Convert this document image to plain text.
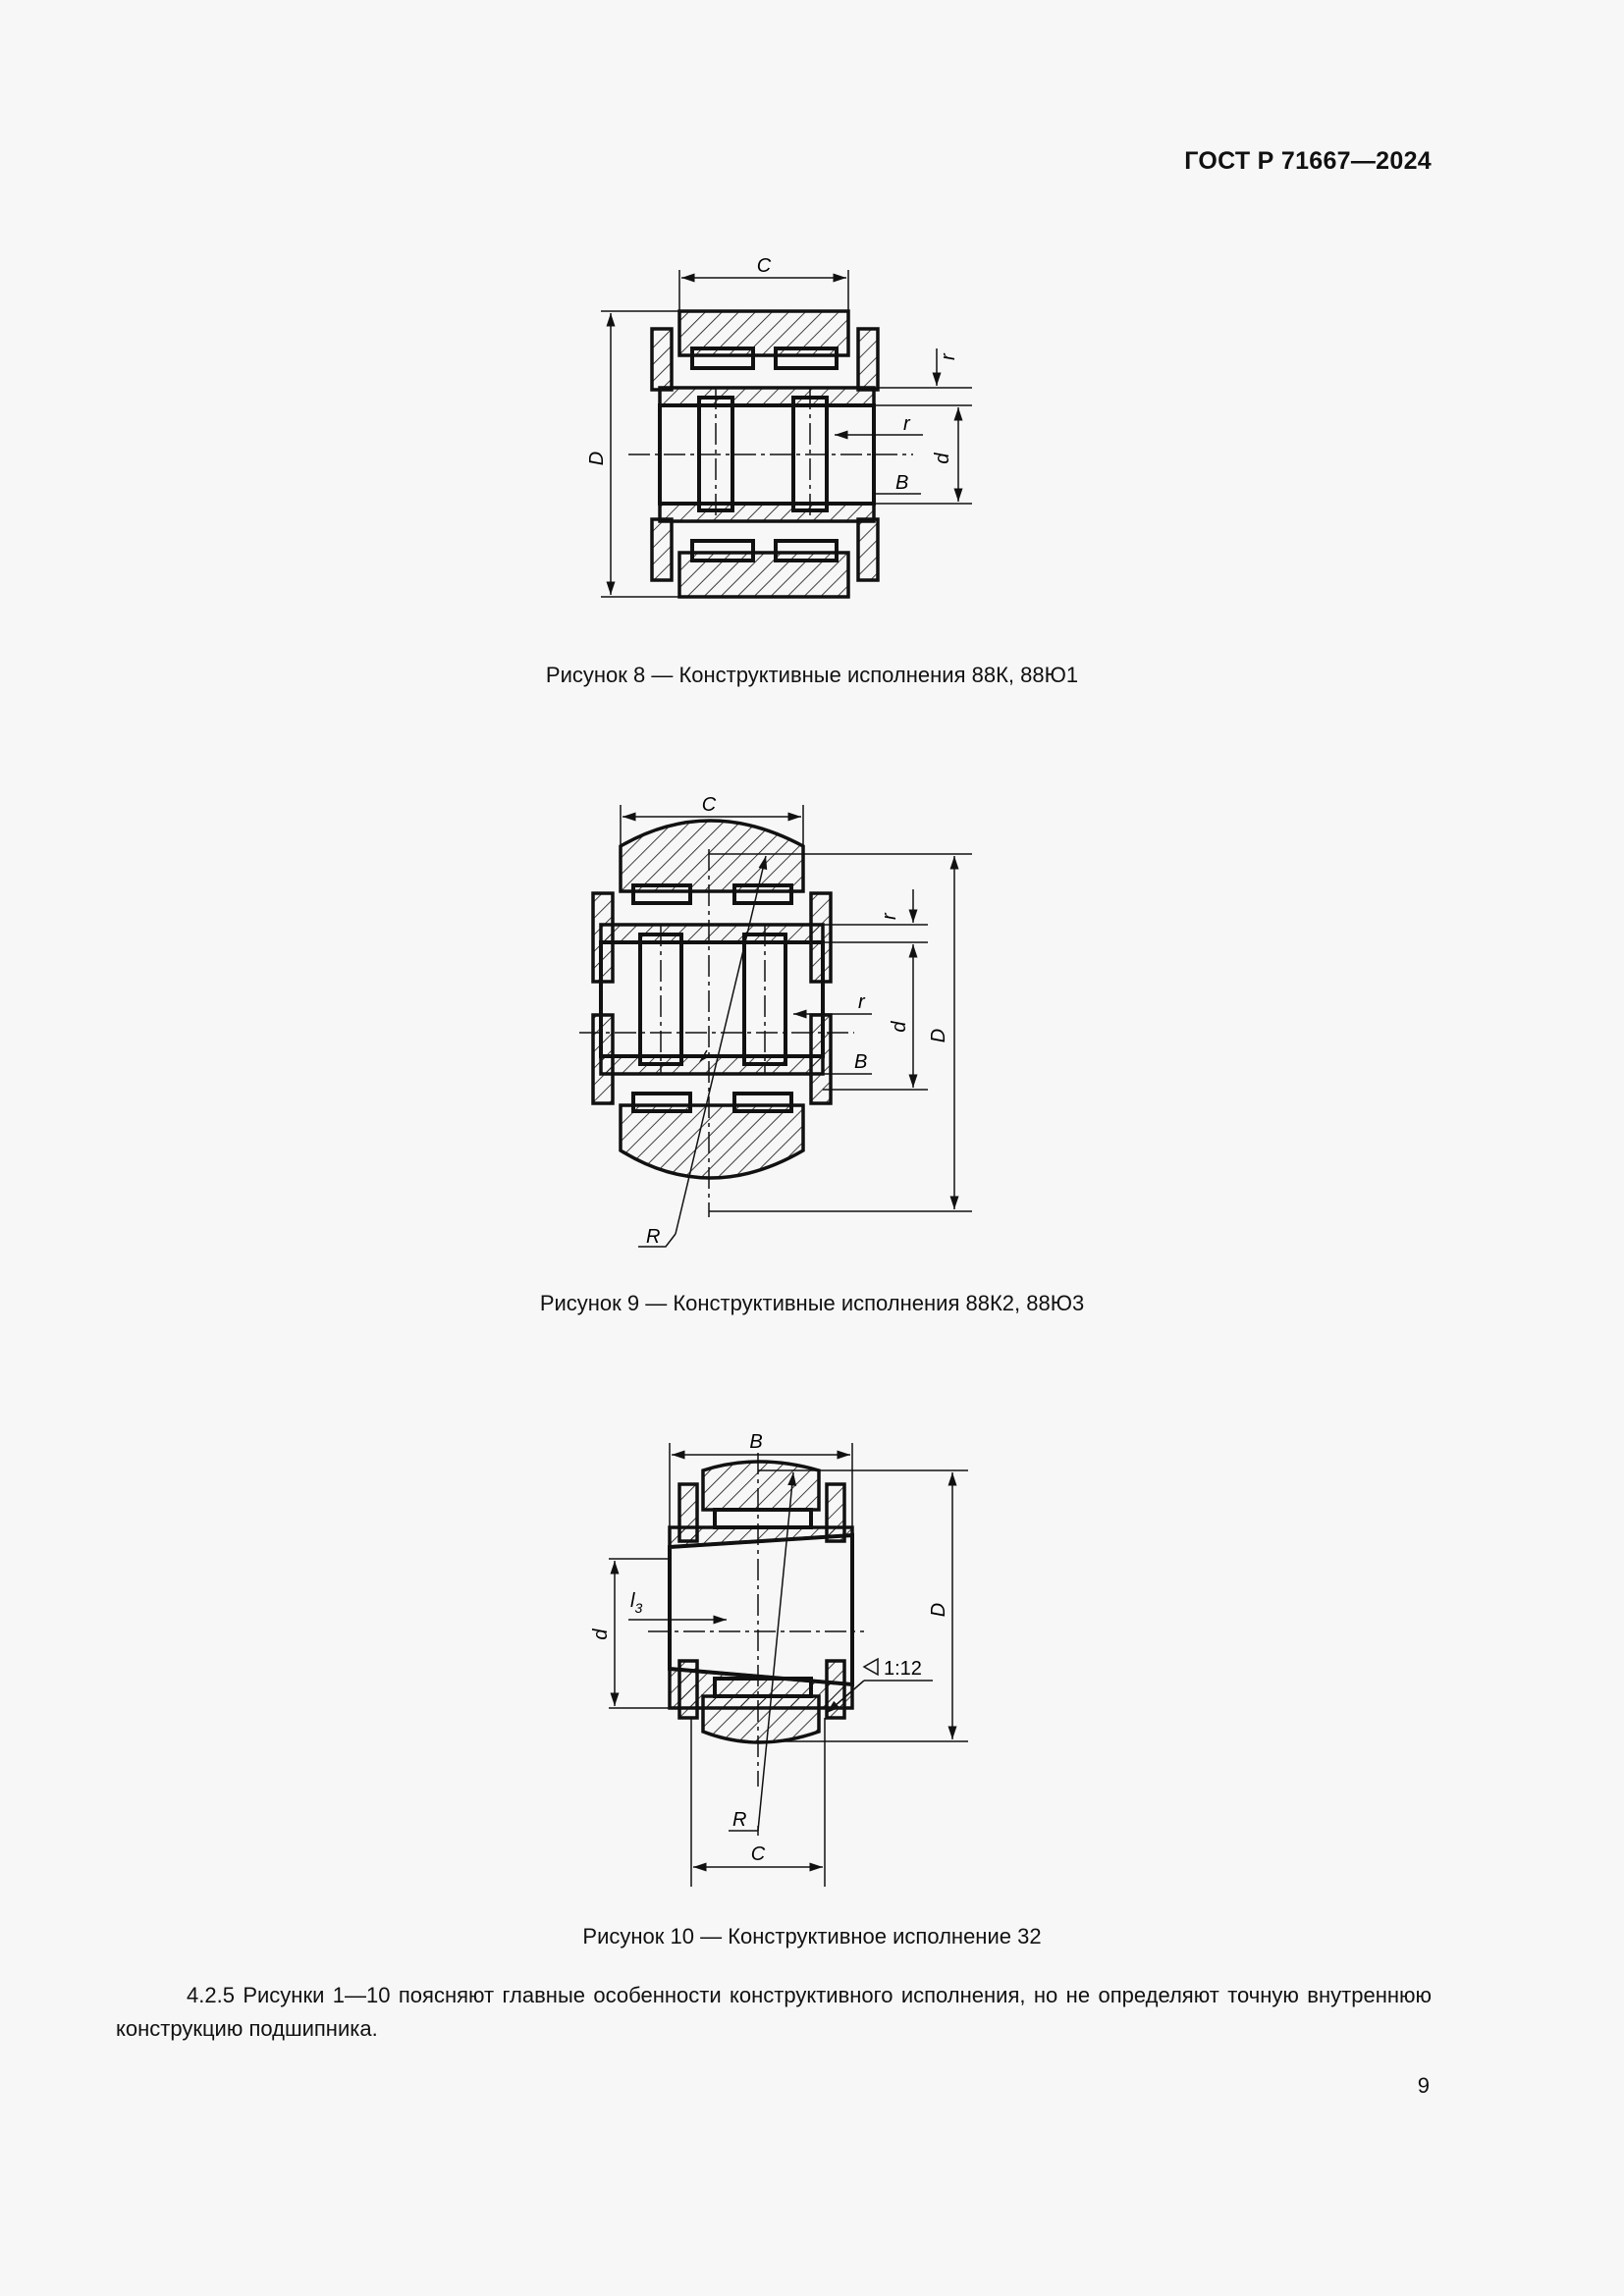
ГОСТ Р 71667—2024
C
D	d
r
r
B
Рисунок 8 — Конструктивные исполнения 88К, 88Ю1
R
C
D
d
r
r
B
Рисунок 9 — Конструктивные исполнения 88К2, 88Ю3
B
C
D
d
$l_3$
1:12
R
Рисунок 10 — Конструктивное исполнение 32
4.2.5 Рисунки 1—10 поясняют главные особенности конструктивного исполнения, но не определяют точную внутреннюю конструкцию подшипника.
9
